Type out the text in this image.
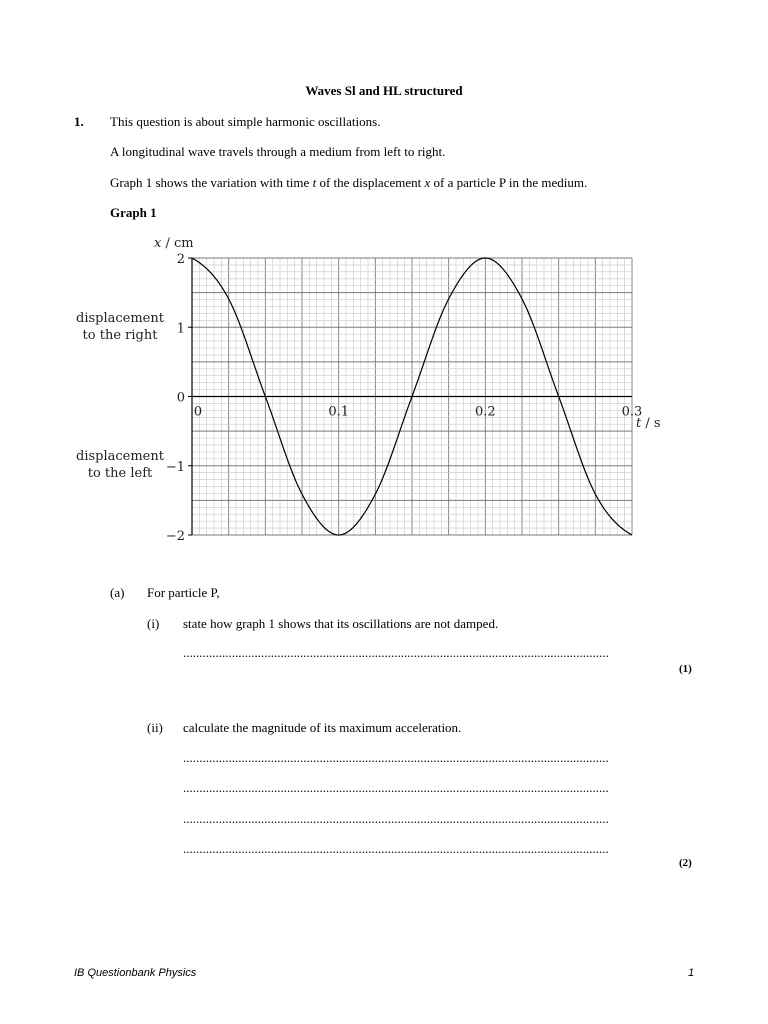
Waves Sl and HL structured
1. This question is about simple harmonic oscillations.
A longitudinal wave travels through a medium from left to right.
Graph 1 shows the variation with time t of the displacement x of a particle P in the medium.
Graph 1
2
1
0
−1
−2
0	0.1	0.2	0.3
x / cm
t / s
displacement
to the right
displacement
to the left
(a) For particle P,
(i) state how graph 1 shows that its oscillations are not damped.
...................................................................................................................................
(1)
(ii) calculate the magnitude of its maximum acceleration.
...................................................................................................................................
...................................................................................................................................
...................................................................................................................................
...................................................................................................................................
(2)
IB Questionbank Physics	1
